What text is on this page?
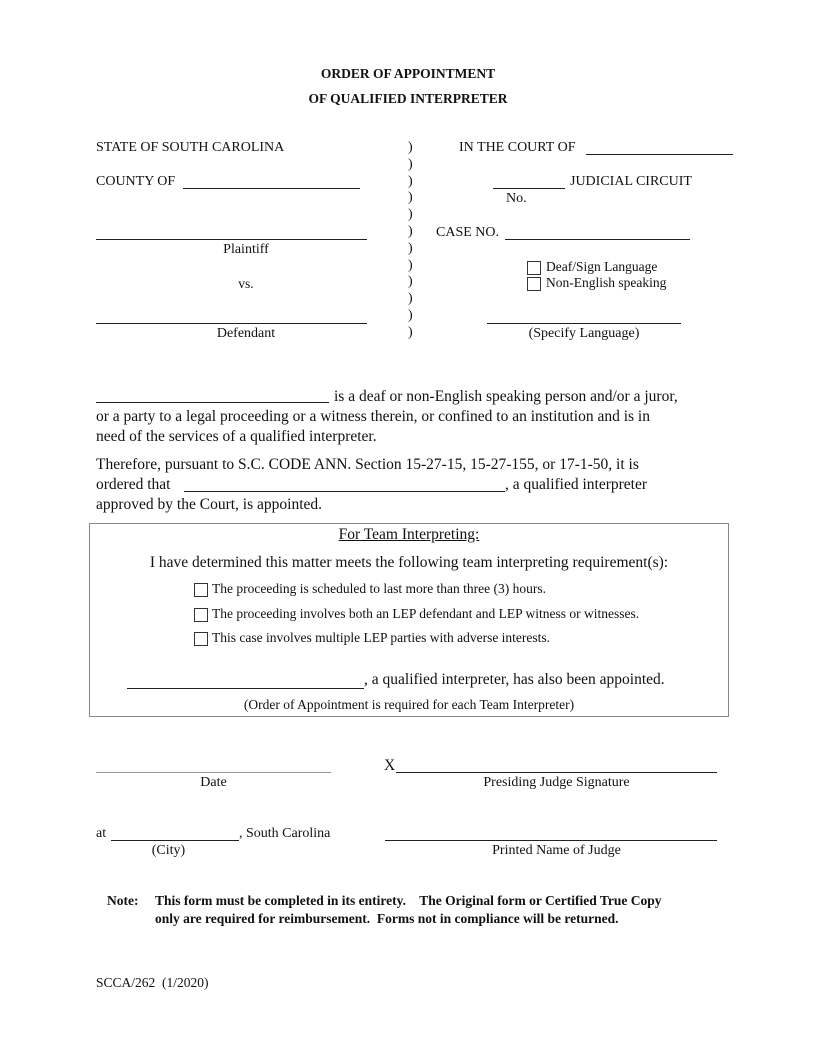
ORDER OF APPOINTMENT
OF QUALIFIED INTERPRETER
STATE OF SOUTH CAROLINA
COUNTY OF
Plaintiff
vs.
Defendant
)
)
)
)
)
)
)
)
)
)
)
)
IN THE COURT OF
JUDICIAL CIRCUIT
No.
CASE NO.
Deaf/Sign Language
Non-English speaking
(Specify Language)
is a deaf or non-English speaking person and/or a juror,
or a party to a legal proceeding or a witness therein, or confined to an institution and is in
need of the services of a qualified interpreter.
Therefore, pursuant to S.C. CODE ANN. Section 15-27-15, 15-27-155, or 17-1-50, it is
ordered that	, a qualified interpreter
approved by the Court, is appointed.
For Team Interpreting:
I have determined this matter meets the following team interpreting requirement(s):
The proceeding is scheduled to last more than three (3) hours.
The proceeding involves both an LEP defendant and LEP witness or witnesses.
This case involves multiple LEP parties with adverse interests.
, a qualified interpreter, has also been appointed.
(Order of Appointment is required for each Team Interpreter)
Date
X
Presiding Judge Signature
at	, South Carolina
(City)	Printed Name of Judge
Note: This form must be completed in its entirety.    The Original form or Certified True Copy
only are required for reimbursement.  Forms not in compliance will be returned.
SCCA/262  (1/2020)
